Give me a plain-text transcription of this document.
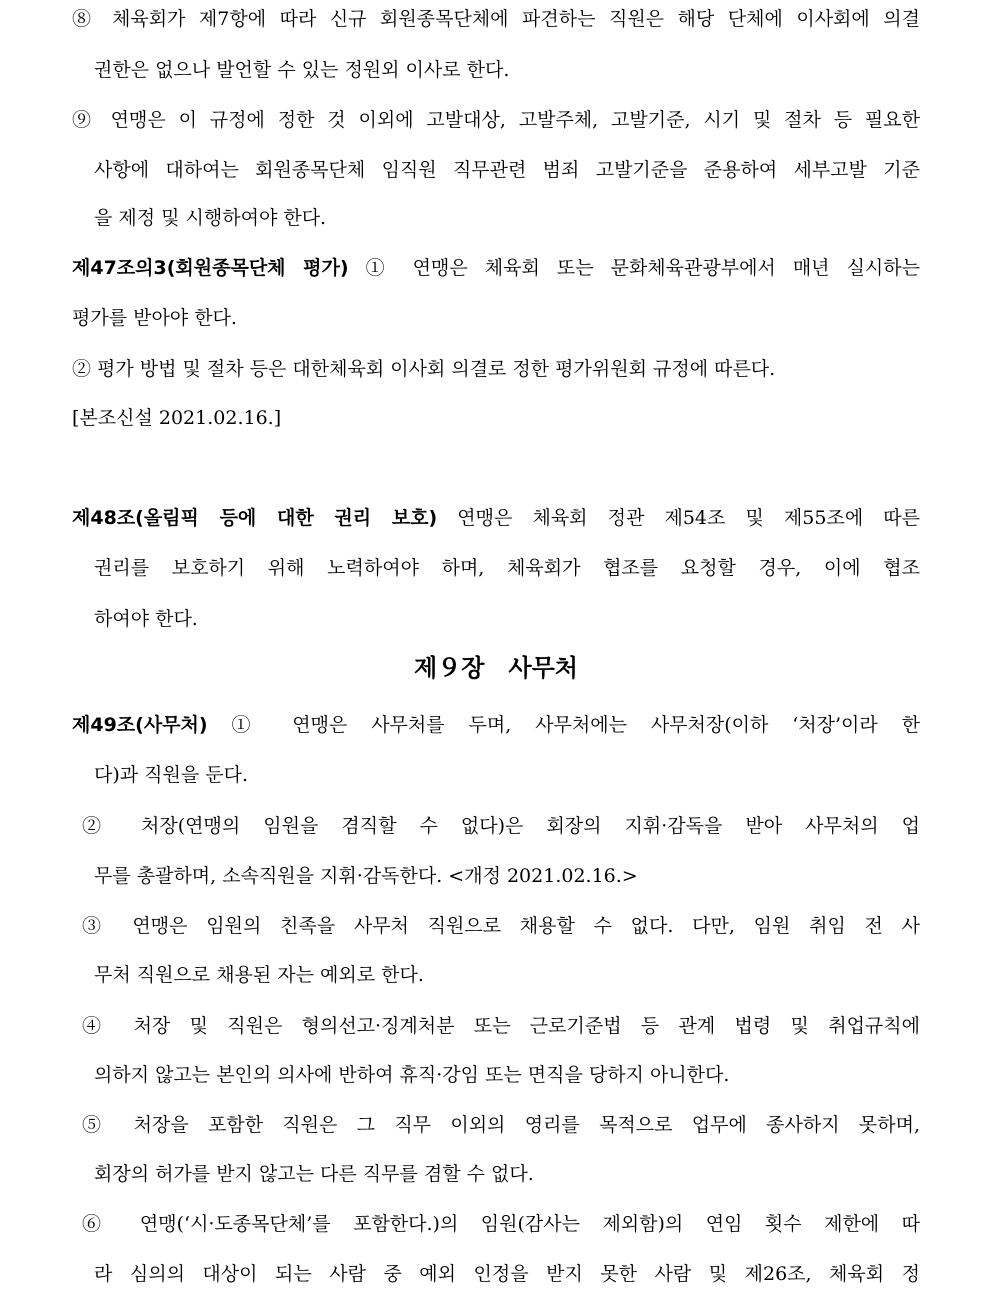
⑧ 체육회가 제7항에 따라 신규 회원종목단체에 파견하는 직원은 해당 단체에 이사회에 의결
권한은 없으나 발언할 수 있는 정원외 이사로 한다.
⑨ 연맹은 이 규정에 정한 것 이외에 고발대상, 고발주체, 고발기준, 시기 및 절차 등 필요한
사항에 대하여는 회원종목단체 임직원 직무관련 범죄 고발기준을 준용하여 세부고발 기준
을 제정 및 시행하여야 한다.
제47조의3(회원종목단체 평가) ① 연맹은 체육회 또는 문화체육관광부에서 매년 실시하는
평가를 받아야 한다.
② 평가 방법 및 절차 등은 대한체육회 이사회 의결로 정한 평가위원회 규정에 따른다.
[본조신설 2021.02.16.]
제48조(올림픽 등에 대한 권리 보호) 연맹은 체육회 정관 제54조 및 제55조에 따른
권리를 보호하기 위해 노력하여야 하며, 체육회가 협조를 요청할 경우, 이에 협조
하여야 한다.
제９장　사무처
제49조(사무처) ① 연맹은 사무처를 두며, 사무처에는 사무처장(이하 ‘처장’이라 한
다)과 직원을 둔다.
② 처장(연맹의 임원을 겸직할 수 없다)은 회장의 지휘·감독을 받아 사무처의 업
무를 총괄하며, 소속직원을 지휘·감독한다. <개정 2021.02.16.>
③ 연맹은 임원의 친족을 사무처 직원으로 채용할 수 없다. 다만, 임원 취임 전 사
무처 직원으로 채용된 자는 예외로 한다.
④ 처장 및 직원은 형의선고·징계처분 또는 근로기준법 등 관계 법령 및 취업규칙에
의하지 않고는 본인의 의사에 반하여 휴직·강임 또는 면직을 당하지 아니한다.
⑤ 처장을 포함한 직원은 그 직무 이외의 영리를 목적으로 업무에 종사하지 못하며,
회장의 허가를 받지 않고는 다른 직무를 겸할 수 없다.
⑥ 연맹(‘시·도종목단체’를 포함한다.)의 임원(감사는 제외함)의 연임 횟수 제한에 따
라 심의의 대상이 되는 사람 중 예외 인정을 받지 못한 사람 및 제26조, 체육회 정
